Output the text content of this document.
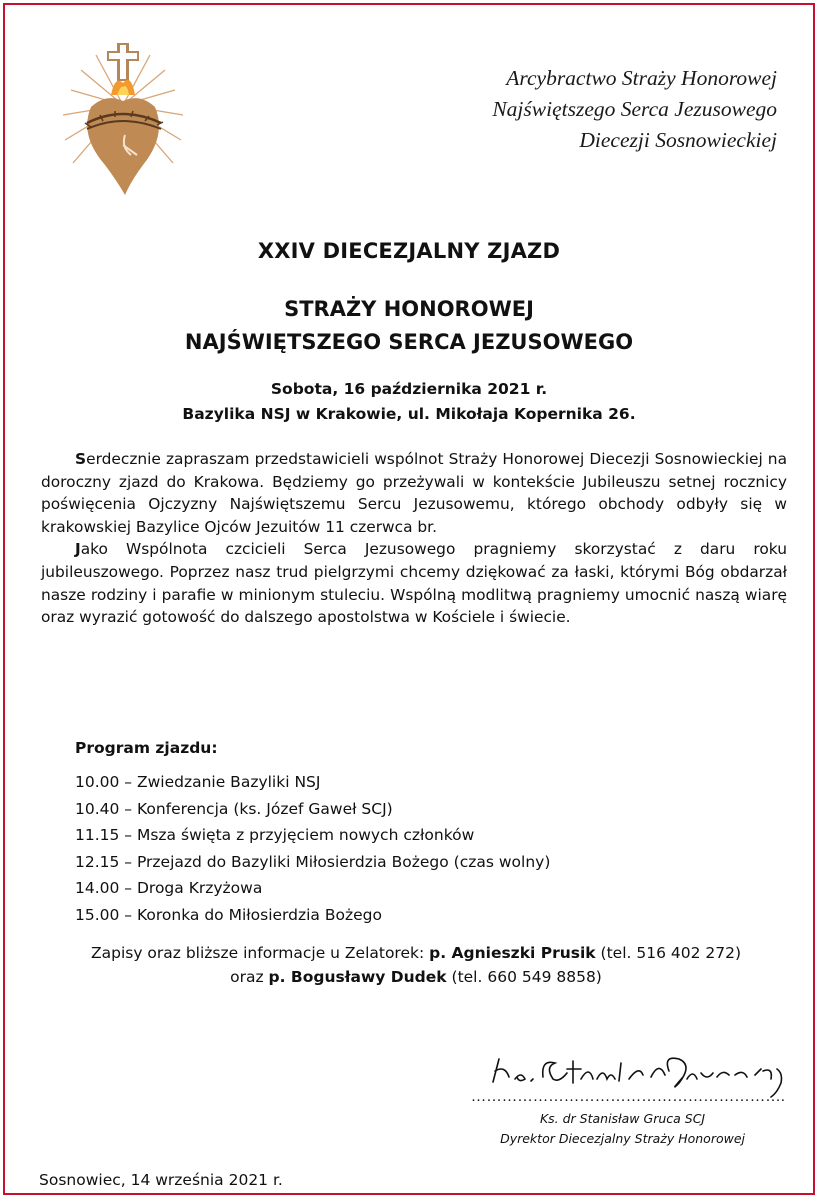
Arcybractwo Straży Honorowej
Najświętszego Serca Jezusowego
Diecezji Sosnowieckiej
XXIV DIECEZJALNY ZJAZD
STRAŻY HONOROWEJ
NAJŚWIĘTSZEGO SERCA JEZUSOWEGO
Sobota, 16 października 2021 r.
Bazylika NSJ w Krakowie, ul. Mikołaja Kopernika 26.

Serdecznie zapraszam przedstawicieli wspólnot Straży Honorowej Diecezji Sosnowieckiej na doroczny zjazd do Krakowa. Będziemy go przeżywali w kontekście Jubileuszu setnej rocznicy poświęcenia Ojczyzny Najświętszemu Sercu Jezusowemu, którego obchody odbyły się w krakowskiej Bazylice Ojców Jezuitów 11 czerwca br.

Jako Wspólnota czcicieli Serca Jezusowego pragniemy skorzystać z daru roku jubileuszowego. Poprzez nasz trud pielgrzymi chcemy dziękować za łaski, którymi Bóg obdarzał nasze rodziny i parafie w minionym stuleciu. Wspólną modlitwą pragniemy umocnić naszą wiarę oraz wyrazić gotowość do dalszego apostolstwa w Kościele i świecie.

Program zjazdu:
10.00 – Zwiedzanie Bazyliki NSJ
10.40 – Konferencja (ks. Józef Gaweł SCJ)
11.15 – Msza święta z przyjęciem nowych członków
12.15 – Przejazd do Bazyliki Miłosierdzia Bożego (czas wolny)
14.00 – Droga Krzyżowa
15.00 – Koronka do Miłosierdzia Bożego
Zapisy oraz bliższe informacje u Zelatorek: p. Agnieszki Prusik (tel. 516 402 272)
oraz p. Bogusławy Dudek (tel. 660 549 8858)
…………………………………………………….
Ks. dr Stanisław Gruca SCJ
Dyrektor Diecezjalny Straży Honorowej
Sosnowiec, 14 września 2021 r.
